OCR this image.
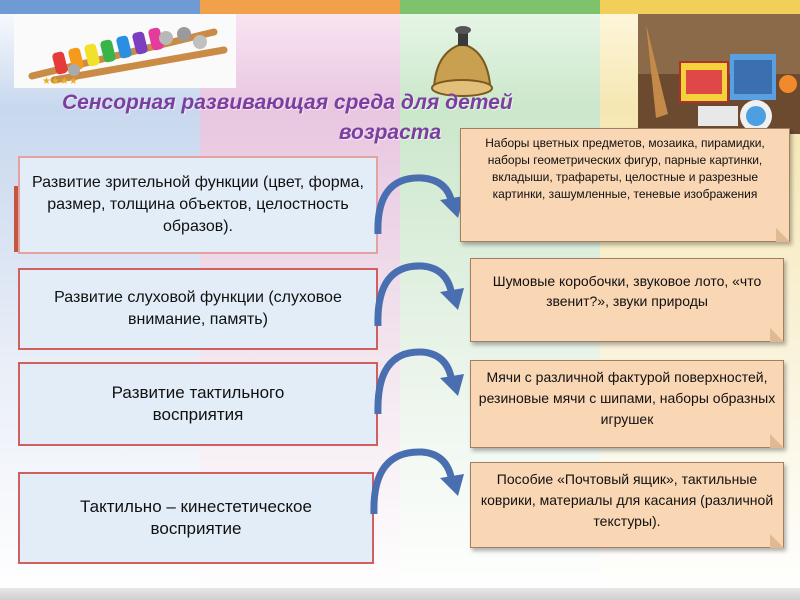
★★★★
Сенсорная развивающая среда для детей
возраста
Развитие зрительной функции (цвет, форма, размер, толщина объектов, целостность образов).
Развитие слуховой функции (слуховое внимание, память)
Развитие тактильного восприятия
Тактильно – кинестетическое восприятие
Наборы цветных предметов, мозаика, пирамидки, наборы геометрических фигур, парные картинки, вкладыши, трафареты, целостные и разрезные картинки, зашумленные, теневые изображения
Шумовые коробочки, звуковое лото, «что звенит?», звуки природы
Мячи с различной фактурой поверхностей, резиновые мячи с шипами, наборы образных игрушек
Пособие «Почтовый ящик», тактильные коврики, материалы для касания (различной текстуры).
